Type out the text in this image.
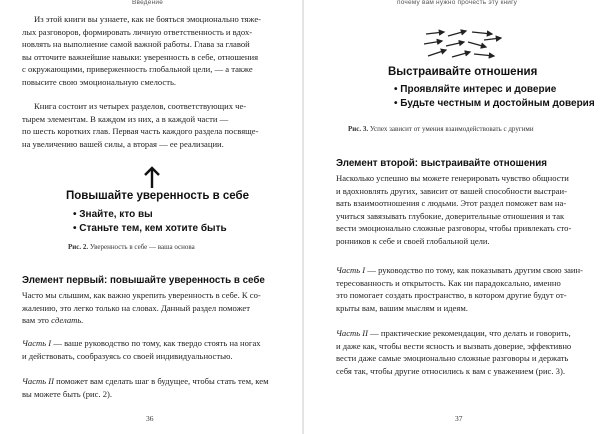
Введение

Из этой книги вы узнаете, как не бояться эмоционально тяже-

лых разговоров, формировать личную ответственность и вдох-

новлять на выполнение самой важной работы. Глава за главой

вы отточите важнейшие навыки: уверенность в себе, отношения

с окружающими, приверженность глобальной цели, — а также

повысите свою эмоциональную смелость.

Книга состоит из четырех разделов, соответствующих че-

тырем элементам. В каждом из них, а в каждой части —

по шесть коротких глав. Первая часть каждого раздела посвяще-

на увеличению вашей силы, а вторая — ее реализации.

Повышайте уверенность в себе
• Знайте, кто вы
• Станьте тем, кем хотите быть
Рис. 2. Уверенность в себе — ваша основа
Элемент первый: повышайте уверенность в себе

Часто мы слышим, как важно укрепить уверенность в себе. К со-

жалению, это легко только на словах. Данный раздел поможет

вам это сделать.

Часть I — ваше руководство по тому, как твердо стоять на ногах

и действовать, сообразуясь со своей индивидуальностью.

Часть II поможет вам сделать шаг в будущее, чтобы стать тем, кем

вы можете быть (рис. 2).

36
почему вам нужно прочесть эту книгу
Выстраивайте отношения
• Проявляйте интерес и доверие
• Будьте честным и достойным доверия
Рис. 3. Успех зависит от умения взаимодействовать с другими
Элемент второй: выстраивайте отношения

Насколько успешно вы можете генерировать чувство общности

и вдохновлять других, зависит от вашей способности выстраи-

вать взаимоотношения с людьми. Этот раздел поможет вам на-

учиться завязывать глубокие, доверительные отношения и так

вести эмоционально сложные разговоры, чтобы привлекать сто-

ронников к себе и своей глобальной цели.

Часть I — руководство по тому, как показывать другим свою заин-

тересованность и открытость. Как ни парадоксально, именно

это помогает создать пространство, в котором другие будут от-

крыты вам, вашим мыслям и идеям.

Часть II — практические рекомендации, что делать и говорить,

и даже как, чтобы вести ясность и вызвать доверие, эффективно

вести даже самые эмоционально сложные разговоры и держать

себя так, чтобы другие относились к вам с уважением (рис. 3).

37
